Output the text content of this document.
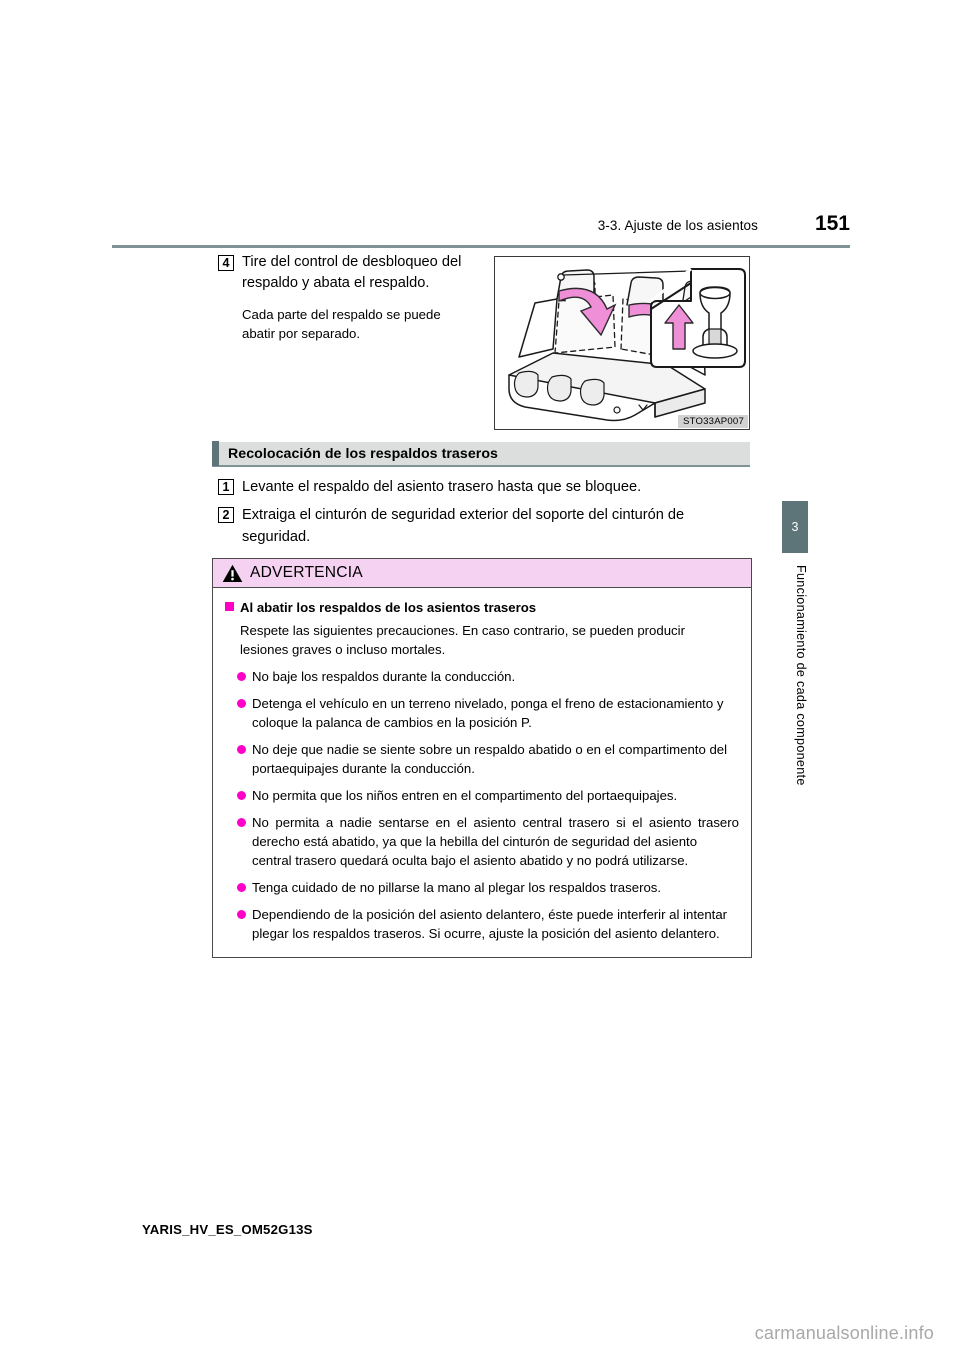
3-3. Ajuste de los asientos	151
4 Tire del control de desbloqueo del
respaldo y abata el respaldo.
Cada parte del respaldo se puede
abatir por separado.
STO33AP007
Recolocación de los respaldos traseros
1 Levante el respaldo del asiento trasero hasta que se bloquee.
2 Extraiga el cinturón de seguridad exterior del soporte del cinturón de
seguridad.
ADVERTENCIA
Al abatir los respaldos de los asientos traseros
Respete las siguientes precauciones. En caso contrario, se pueden producir
lesiones graves o incluso mortales.
No baje los respaldos durante la conducción.
Detenga el vehículo en un terreno nivelado, ponga el freno de estacionamiento y
coloque la palanca de cambios en la posición P.
No deje que nadie se siente sobre un respaldo abatido o en el compartimento del
portaequipajes durante la conducción.
No permita que los niños entren en el compartimento del portaequipajes.
No permita a nadie sentarse en el asiento central trasero si el asiento trasero derecho está abatido, ya que la hebilla del cinturón de seguridad del asiento
central trasero quedará oculta bajo el asiento abatido y no podrá utilizarse.
Tenga cuidado de no pillarse la mano al plegar los respaldos traseros.
Dependiendo de la posición del asiento delantero, éste puede interferir al intentar
plegar los respaldos traseros. Si ocurre, ajuste la posición del asiento delantero.
3
Funcionamiento de cada componente
YARIS_HV_ES_OM52G13S
carmanualsonline.info
